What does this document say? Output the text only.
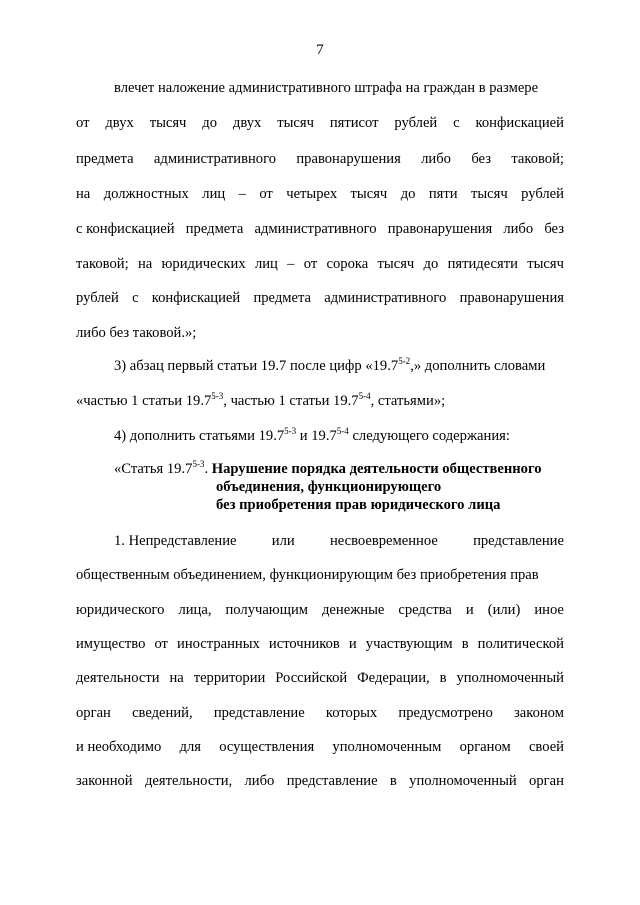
7
влечет наложение административного штрафа на граждан в размере
от двух тысяч до двух тысяч пятисот рублей с конфискацией
предмета административного правонарушения либо без таковой;
на должностных лиц – от четырех тысяч до пяти тысяч рублей
с конфискацией предмета административного правонарушения либо без
таковой; на юридических лиц – от сорока тысяч до пятидесяти тысяч
рублей с конфискацией предмета административного правонарушения
либо без таковой.»;
3) абзац первый статьи 19.7 после цифр «19.7$^{5-2}$,» дополнить словами
«частью 1 статьи 19.7$^{5-3}$, частью 1 статьи 19.7$^{5-4}$, статьями»;
4) дополнить статьями 19.7$^{5-3}$ и 19.7$^{5-4}$ следующего содержания:
«Статья 19.7$^{5-3}$. Нарушение порядка деятельности общественного
объединения, функционирующего
без приобретения прав юридического лица
1. Непредставление или несвоевременное представление
общественным объединением, функционирующим без приобретения прав
юридического лица, получающим денежные средства и (или) иное
имущество от иностранных источников и участвующим в политической
деятельности на территории Российской Федерации, в уполномоченный
орган сведений, представление которых предусмотрено законом
и необходимо для осуществления уполномоченным органом своей
законной деятельности, либо представление в уполномоченный орган
